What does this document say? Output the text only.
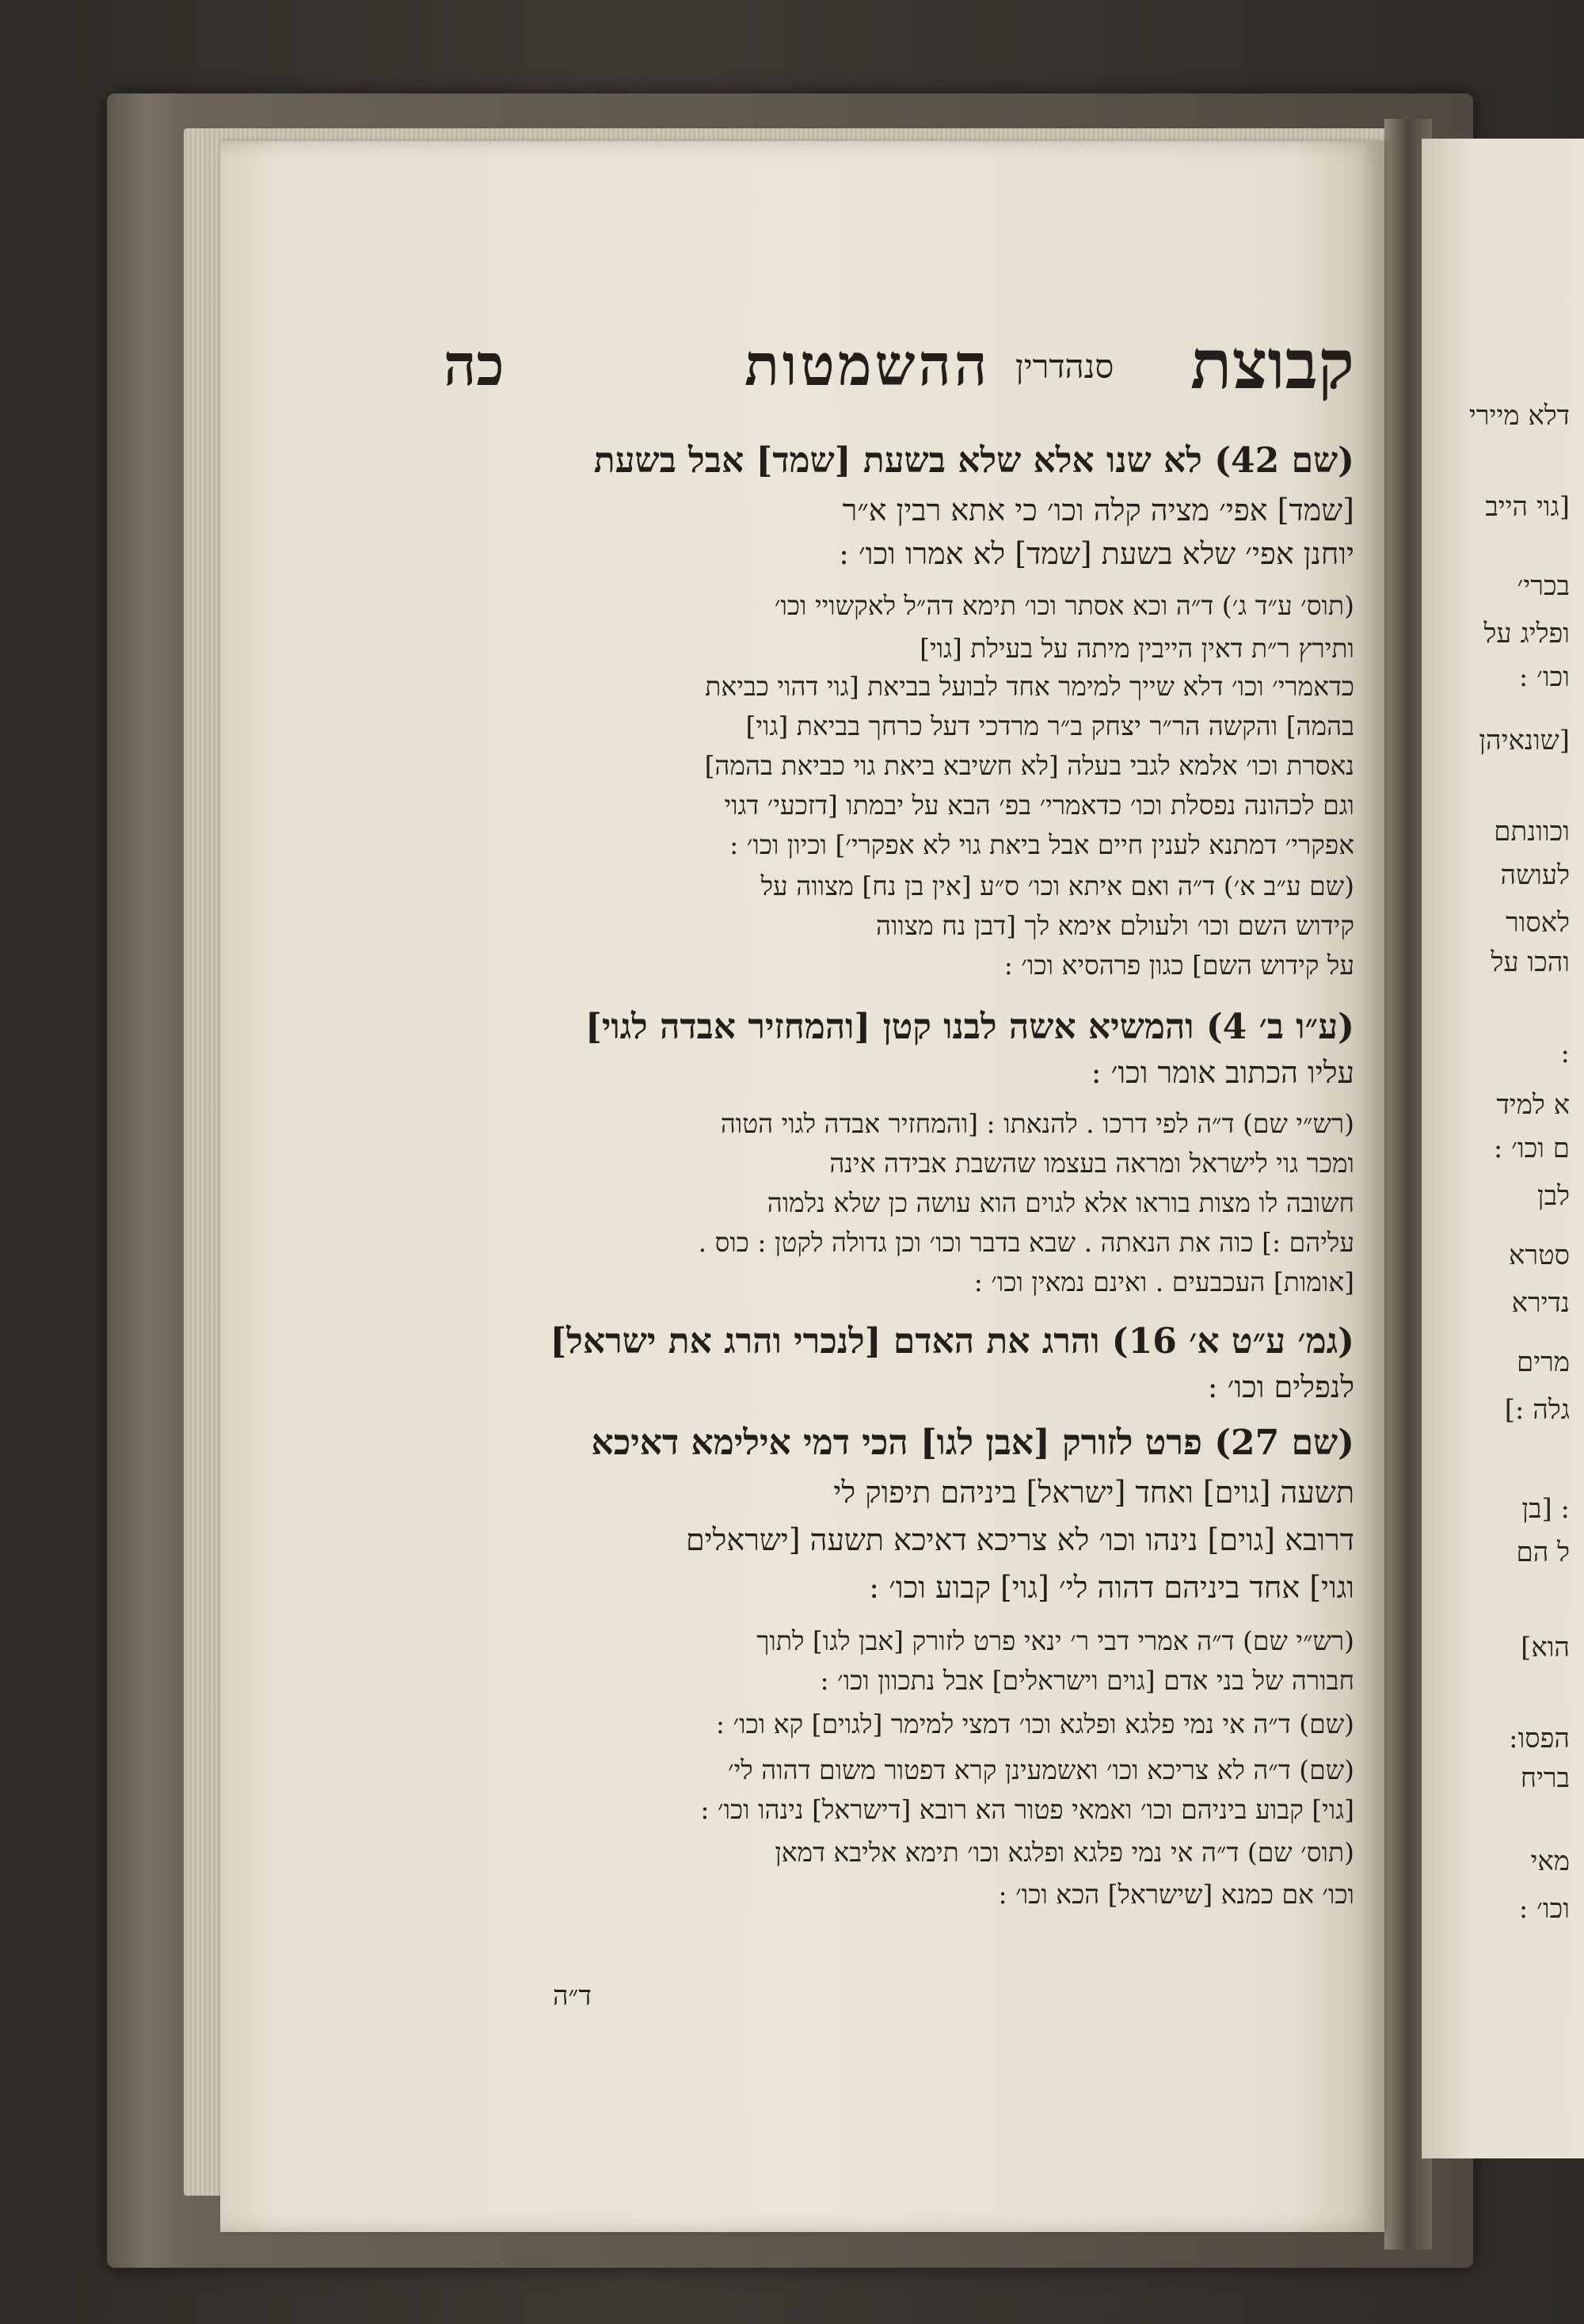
דלא מיירי
[גוי הייב
בכרי׳
ופליג על
וכו׳ :
[שונאיהן
וכוונתם
לעושה
לאסור
והכו על
:
א למיד
ם וכו׳ :
לבן
סטרא
נדירא
מרים
גלה :]
: [בן
ל הם
הוא]
הפסו:
בריח
מאי
וכו׳ :
כה	ההשמטות סנהדרין קבוצת
(שם 42) לא שנו אלא שלא בשעת [שמד] אבל בשעת
[שמד] אפי׳ מציה קלה וכו׳ כי אתא רבין א״ר
יוחנן אפי׳ שלא בשעת [שמד] לא אמרו וכו׳ :
(תוס׳ ע״ד ג׳) ד״ה וכא אסתר וכו׳ תימא דה״ל לאקשויי וכו׳
ותירץ ר״ת דאין הייבין מיתה על בעילת [גוי]
כדאמרי׳ וכו׳ דלא שייך למימר אחד לבועל בביאת [גוי דהוי כביאת
בהמה] והקשה הר״ר יצחק ב״ר מרדכי דעל כרחך בביאת [גוי]
נאסרת וכו׳ אלמא לגבי בעלה [לא חשיבא ביאת גוי כביאת בהמה]
וגם לכהונה נפסלת וכו׳ כדאמרי׳ בפ׳ הבא על יבמתו [דזכעי׳ דגוי
אפקרי׳ דמתנא לענין חיים אבל ביאת גוי לא אפקרי׳] וכיון וכו׳ :
(שם ע״ב א׳) ד״ה ואם איתא וכו׳ ס״ע [אין בן נח] מצווה על
קידוש השם וכו׳ ולעולם אימא לך [דבן נח מצווה
על קידוש השם] כגון פרהסיא וכו׳ :
(ע״ו ב׳ 4) והמשיא אשה לבנו קטן [והמחזיר אבדה לגוי]
עליו הכתוב אומר וכו׳ :
(רש״י שם) ד״ה לפי דרכו . להנאתו : [והמחזיר אבדה לגוי הטוה
ומכר גוי לישראל ומראה בעצמו שהשבת אבידה אינה
חשובה לו מצות בוראו אלא לגוים הוא עושה כן שלא נלמוה
עליהם :] כוה את הנאתה . שבא בדבר וכו׳ וכן גדולה לקטן : כוס .
[אומות] העכבעים . ואינם נמאין וכו׳ :
(גמ׳ ע״ט א׳ 16) והרג את האדם [לנכרי והרג את ישראל]
לנפלים וכו׳ :
(שם 27) פרט לזורק [אבן לגו] הכי דמי אילימא דאיכא
תשעה [גוים] ואחד [ישראל] ביניהם תיפוק לי
דרובא [גוים] נינהו וכו׳ לא צריכא דאיכא תשעה [ישראלים
וגוי] אחד ביניהם דהוה לי׳ [גוי] קבוע וכו׳ :
(רש״י שם) ד״ה אמרי דבי ר׳ ינאי פרט לזורק [אבן לגו] לתוך
חבורה של בני אדם [גוים וישראלים] אבל נתכוון וכו׳ :
(שם) ד״ה אי נמי פלגא ופלגא וכו׳ דמצי למימר [לגוים] קא וכו׳ :
(שם) ד״ה לא צריכא וכו׳ ואשמעינן קרא דפטור משום דהוה לי׳
[גוי] קבוע ביניהם וכו׳ ואמאי פטור הא רובא [דישראל] נינהו וכו׳ :
(תוס׳ שם) ד״ה אי נמי פלגא ופלגא וכו׳ תימא אליבא דמאן
וכו׳ אם כמנא [שישראל] הכא וכו׳ :
ד״ה
